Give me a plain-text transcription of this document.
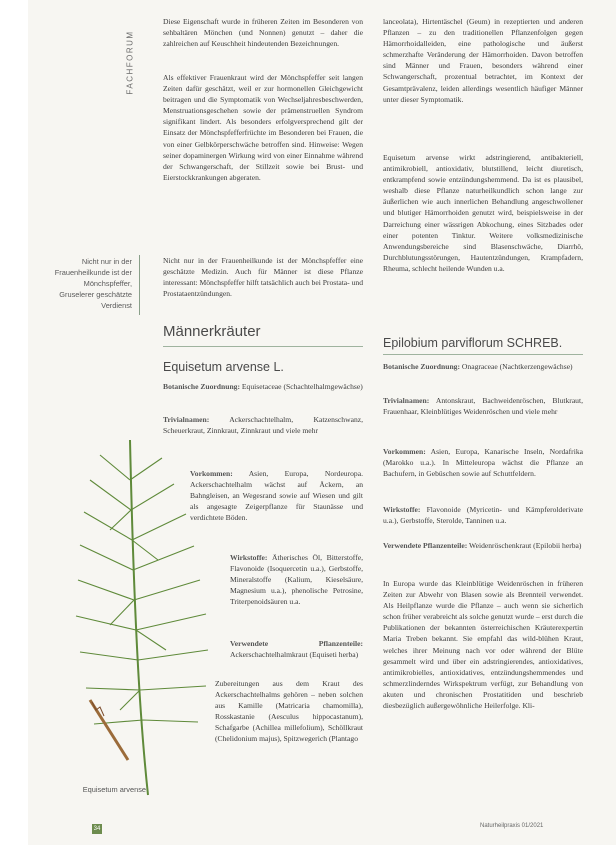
FACHFORUM

Diese Eigenschaft wurde in früheren Zeiten im Besonderen von sehbaltären Mönchen (und Nonnen) genutzt – daher die zahlreichen auf Keuschheit hindeutenden Bezeichnungen.

Als effektiver Frauenkraut wird der Mönchspfeffer seit langen Zeiten dafür geschätzt, weil er zur hormonellen Gleichgewicht beitragen und die Symptomatik von Wechseljahresbeschwerden, Menstruationsgeschehen sowie der prämenstruellen Syndrom signifikant lindert. Als besonders erfolgversprechend gilt der Einsatz der Mönchspfefferfrüchte im Besonderen bei Frauen, die von einer Gelbkörperschwäche betroffen sind. Hinweise: Wegen seiner dopaminergen Wirkung wird von einer Einnahme während der Schwangerschaft, der Stillzeit sowie bei Brust- und Eierstockkrankungen abgeraten.

Nicht nur in der Frauenheilkunde ist der Mönchspfeffer eine geschätzte Medizin. Auch für Männer ist diese Pflanze interessant: Mönchspfeffer hilft tatsächlich auch bei Prostata- und Prostataentzündungen.

Nicht nur in der Frauenheilkunde ist der Mönchspfeffer, Gruselerer geschätzte Verdienst
Männerkräuter
Equisetum arvense L.

Botanische Zuordnung: Equisetaceae (Schachtelhalmgewächse)

Trivialnamen:	Ackerschachtelhalm, Katzenschwanz, Scheuerkraut, Zinnkraut, Zinnkraut und viele mehr

Vorkommen: Asien, Europa, Nordeuropa. Ackerschachtelhalm wächst auf Äckern, an Bahngleisen, an Wegesrand sowie auf Wiesen und gilt als angesagte Zeigerpflanze für Staunässe und verdichtete Böden.

Wirkstoffe: Ätherisches Öl, Bitterstoffe, Flavonoide (Isoquercetin u.a.), Gerbstoffe, Mineralstoffe (Kalium, Kieselsäure, Magnesium u.a.), phenolische Petrosine, Triterpenoidsäuren u.a.

Verwendete Pflanzenteile: Ackerschachtelhalmkraut (Equiseti herba)

Zubereitungen aus dem Kraut des Ackerschachtelhalms gehören – neben solchen aus Kamille (Matricaria chamomilla), Rosskastanie (Aesculus hippocastanum), Schafgarbe (Achillea millefolium), Schöllkraut (Chelidonium majus), Spitzwegerich (Plantago

Equisetum arvense

lanceolata), Hirtentäschel (Geum) in rezeptierten und anderen Pflanzen – zu den traditionellen Pflanzenfolgen gegen Hämorrhoidalleiden, eine pathologische und äußerst schmerzhafte Veränderung der Hämorrhoiden. Davon betroffen sind Männer und Frauen, besonders während einer Schwangerschaft, prozentual betrachtet, im Kontext der Gesamtprävalenz, leiden allerdings wesentlich häufiger Männer unter dieser Symptomatik.

Equisetum arvense wirkt adstringierend, antibakteriell, antimikrobiell, antioxidativ, blutstillend, leicht diuretisch, entkrampfend sowie entzündungshemmend. Da ist es plausibel, weshalb diese Pflanze naturheilkundlich schon lange zur äußerlichen wie auch innerlichen Behandlung angeschwollener und blutiger Hämorrhoiden genutzt wird, beispielsweise in der Darreichung einer wässrigen Abkochung, eines Sitzbades oder einer potenten Tinktur. Weitere volksmedizinische Anwendungsbereiche sind Blasenschwäche, Diarrhö, Durchblutungsstörungen, Hautentzündungen, Krampfadern, Rheuma, schlecht heilende Wunden u.a.

Epilobium parviflorum SCHREB.

Botanische Zuordnung: Onagraceae (Nachtkerzengewächse)

Trivialnamen: Antonskraut, Bachweidenröschen, Blutkraut, Frauenhaar, Kleinblütiges Weidenröschen und viele mehr

Vorkommen: Asien, Europa, Kanarische Inseln, Nordafrika (Marokko u.a.). In Mitteleuropa wächst die Pflanze an Bachufern, in Gebüschen sowie auf Schuttfeldern.

Wirkstoffe: Flavonoide (Myricetin- und Kämpferolderivate u.a.), Gerbstoffe, Sterolde, Tanninen u.a.

Verwendete Pflanzenteile: Weidenröschenkraut (Epilobii herba)

In Europa wurde das Kleinblütige Weidenröschen in früheren Zeiten zur Abwehr von Blasen sowie als Brennteil verwendet. Als Heilpflanze wurde die Pflanze – auch wenn sie sicherlich schon früher verabreicht als solche genutzt wurde – erst durch die Publikationen der bekannten österreichischen Kräuterexpertin Maria Treben bekannt. Sie empfahl das wild-blühen Kraut, welches ihrer Meinung nach vor oder während der Blüte gesammelt wird und über ein adstringierendes, antioxidatives, antimikrobielles, antioxidatives, entzündungshemmendes und schmerzlinderndes Wirkspektrum verfügt, zur Behandlung von akuten und chronischen Prostatitiden und beschrieb diesbezüglich außergewöhnliche Heilerfolge. Kli-

34	Naturheilpraxis 01/2021
